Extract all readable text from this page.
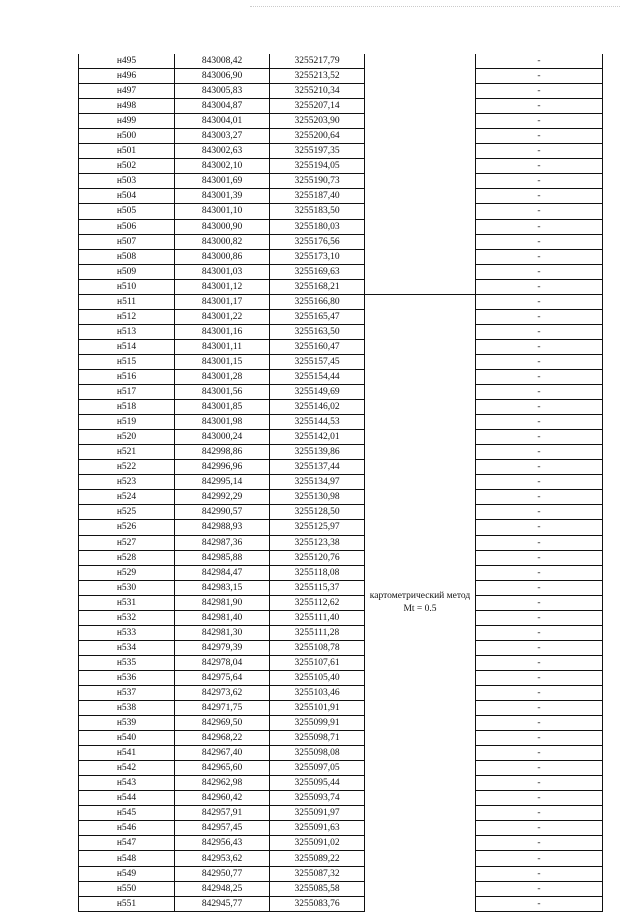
н495	843008,42	3255217,79		-
н496	843006,90	3255213,52		-
н497	843005,83	3255210,34		-
н498	843004,87	3255207,14		-
н499	843004,01	3255203,90		-
н500	843003,27	3255200,64		-
н501	843002,63	3255197,35		-
н502	843002,10	3255194,05		-
н503	843001,69	3255190,73		-
н504	843001,39	3255187,40		-
н505	843001,10	3255183,50		-
н506	843000,90	3255180,03		-
н507	843000,82	3255176,56		-
н508	843000,86	3255173,10		-
н509	843001,03	3255169,63		-
н510	843001,12	3255168,21		-
н511	843001,17	3255166,80	картометрический метод Mt = 0.5	-
н512	843001,22	3255165,47		-
н513	843001,16	3255163,50		-
н514	843001,11	3255160,47		-
н515	843001,15	3255157,45		-
н516	843001,28	3255154,44		-
н517	843001,56	3255149,69		-
н518	843001,85	3255146,02		-
н519	843001,98	3255144,53		-
н520	843000,24	3255142,01		-
н521	842998,86	3255139,86		-
н522	842996,96	3255137,44		-
н523	842995,14	3255134,97		-
н524	842992,29	3255130,98		-
н525	842990,57	3255128,50		-
н526	842988,93	3255125,97		-
н527	842987,36	3255123,38		-
н528	842985,88	3255120,76		-
н529	842984,47	3255118,08		-
н530	842983,15	3255115,37		-
н531	842981,90	3255112,62		-
н532	842981,40	3255111,40		-
н533	842981,30	3255111,28		-
н534	842979,39	3255108,78		-
н535	842978,04	3255107,61		-
н536	842975,64	3255105,40		-
н537	842973,62	3255103,46		-
н538	842971,75	3255101,91		-
н539	842969,50	3255099,91		-
н540	842968,22	3255098,71		-
н541	842967,40	3255098,08		-
н542	842965,60	3255097,05		-
н543	842962,98	3255095,44		-
н544	842960,42	3255093,74		-
н545	842957,91	3255091,97		-
н546	842957,45	3255091,63		-
н547	842956,43	3255091,02		-
н548	842953,62	3255089,22		-
н549	842950,77	3255087,32		-
н550	842948,25	3255085,58		-
н551	842945,77	3255083,76		-
